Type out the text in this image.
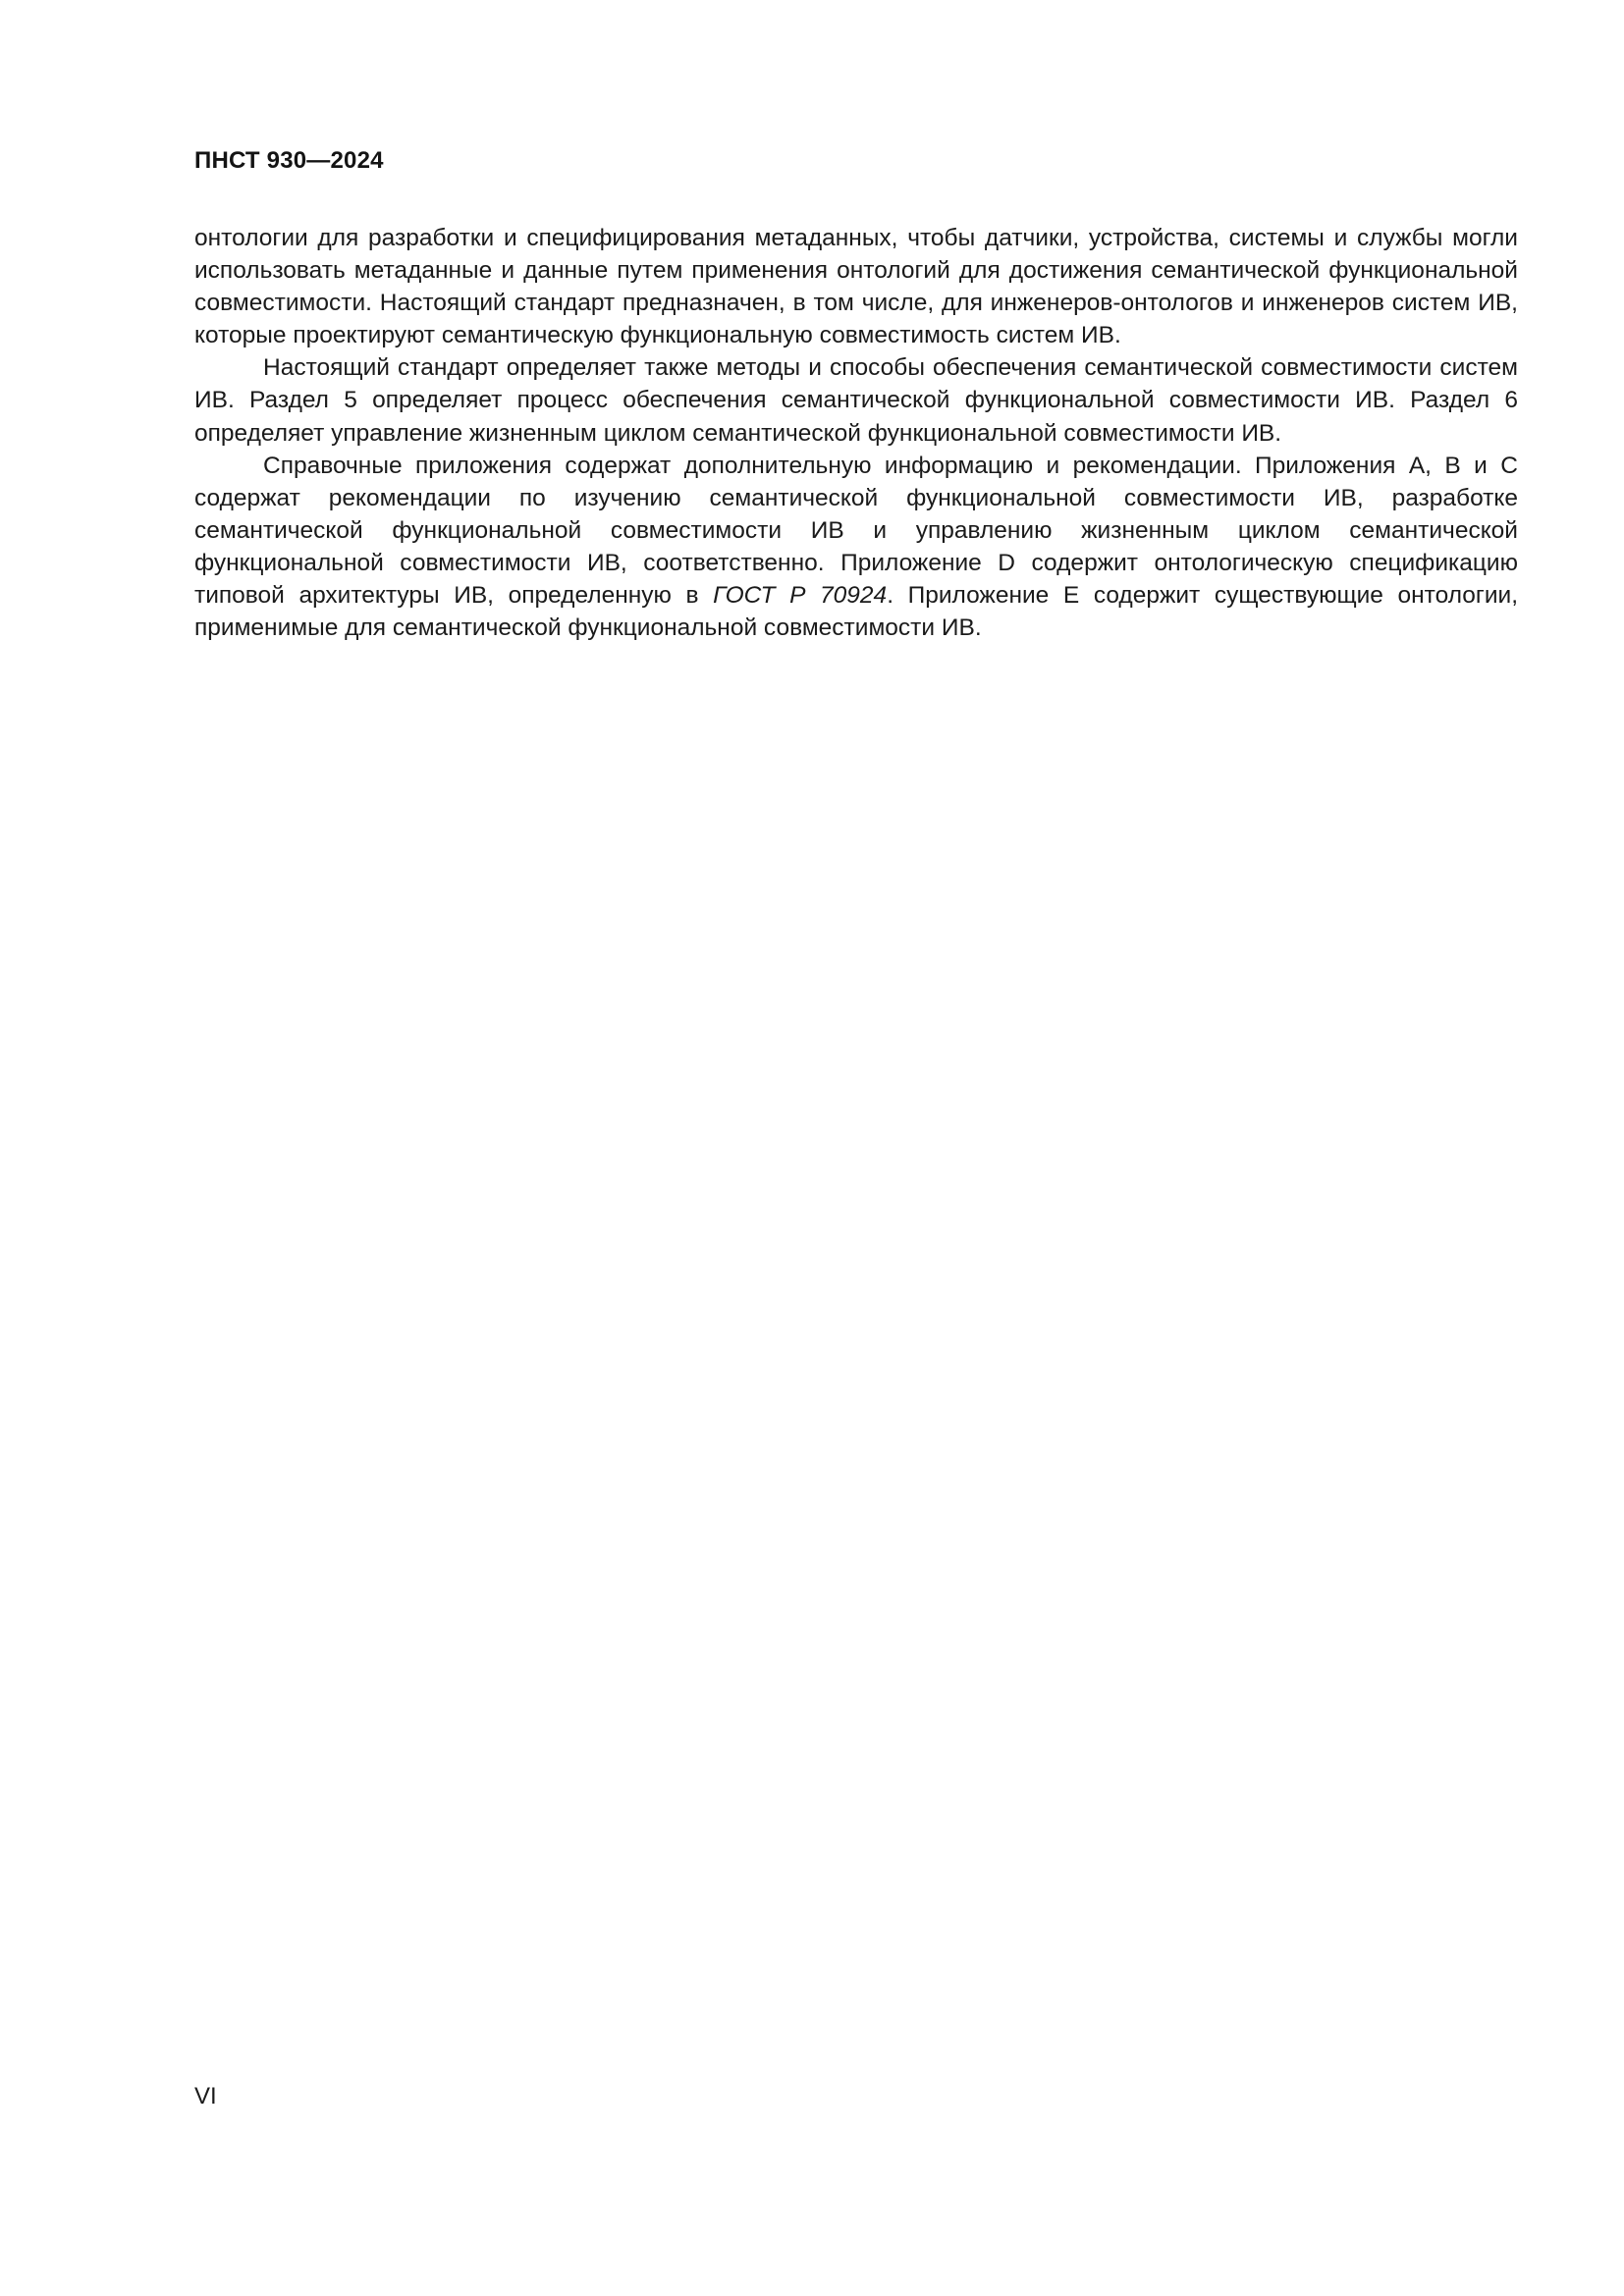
ПНСТ 930—2024

онтологии для разработки и специфицирования метаданных, чтобы датчики, устройства, системы и службы могли использовать метаданные и данные путем применения онтологий для достижения семантической функциональной совместимости. Настоящий стандарт предназначен, в том числе, для инженеров-онтологов и инженеров систем ИВ, которые проектируют семантическую функциональную совместимость систем ИВ.

Настоящий стандарт определяет также методы и способы обеспечения семантической совместимости систем ИВ. Раздел 5 определяет процесс обеспечения семантической функциональной совместимости ИВ. Раздел 6 определяет управление жизненным циклом семантической функциональной совместимости ИВ.

Справочные приложения содержат дополнительную информацию и рекомендации. Приложения A, B и C содержат рекомендации по изучению семантической функциональной совместимости ИВ, разработке семантической функциональной совместимости ИВ и управлению жизненным циклом семантической функциональной совместимости ИВ, соответственно. Приложение D содержит онтологическую спецификацию типовой архитектуры ИВ, определенную в ГОСТ Р 70924. Приложение E содержит существующие онтологии, применимые для семантической функциональной совместимости ИВ.

VI
